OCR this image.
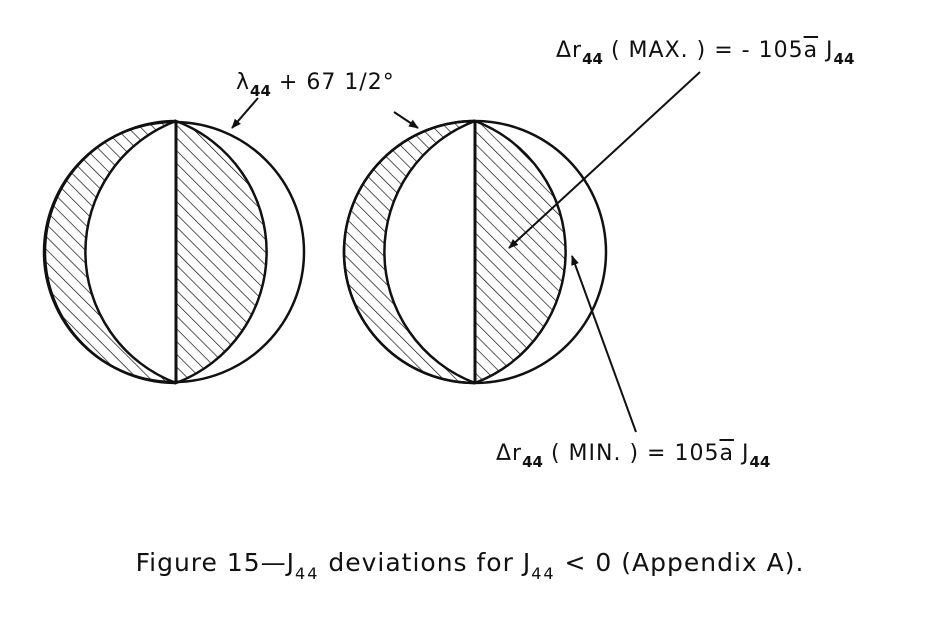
$\lambda_{44} + 67$ 1/2°
$\Delta r_{44}$ ( MAX. ) = - $105\overline{a}$ $J_{44}$
$\Delta r_{44}$ ( MIN. ) = $105\overline{a}$ $J_{44}$
Figure $15—J_{44}$ deviations for $J_{44} < 0$ (Appendix A).
